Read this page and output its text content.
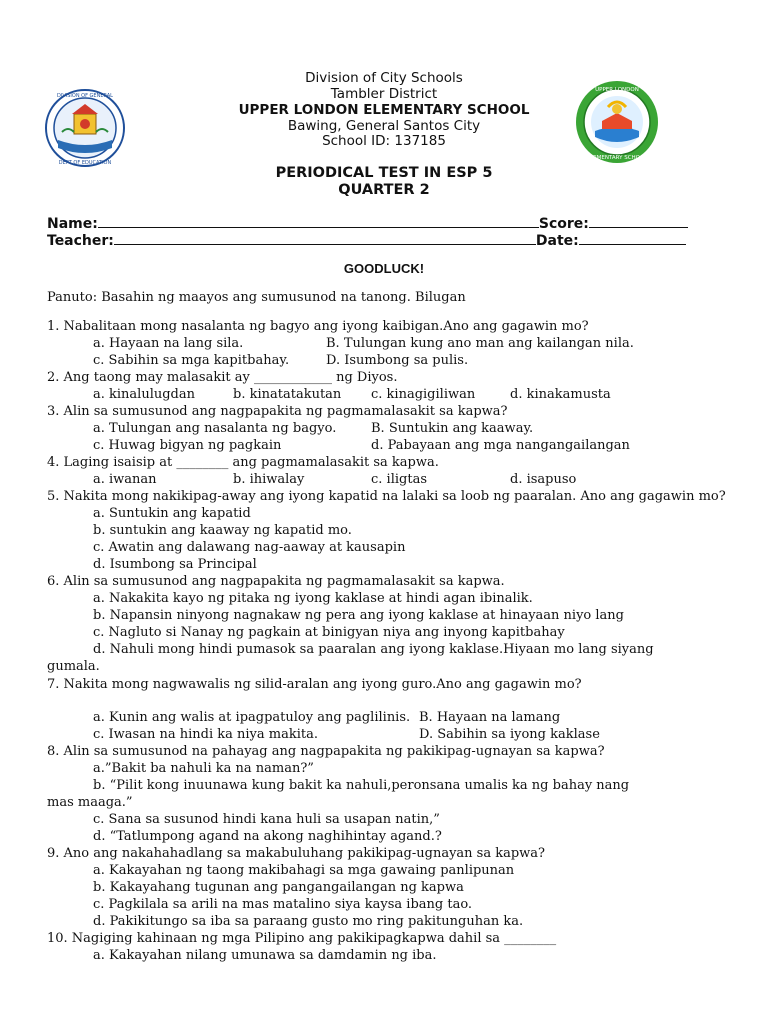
DIVISION OF GENERAL
DEPT OF EDUCATION
UPPER LONDON
ELEMENTARY SCHOOL
Division of City Schools
Tambler District
UPPER LONDON ELEMENTARY SCHOOL
Bawing, General Santos City
School ID: 137185
PERIODICAL TEST IN ESP 5
QUARTER 2
Name:	Score:
Teacher:	Date:
GOODLUCK!
Panuto: Basahin ng maayos ang sumusunod na tanong. Bilugan
1. Nabalitaan mong nasalanta ng bagyo ang iyong kaibigan.Ano ang gagawin mo?
a. Hayaan na lang sila.	B. Tulungan kung ano man ang kailangan nila.
c. Sabihin sa mga kapitbahay.	D. Isumbong sa pulis.
2. Ang taong may malasakit ay ____________ ng Diyos.
a. kinalulugdan	b. kinatatakutan c. kinagigiliwan	d. kinakamusta
3. Alin sa sumusunod ang nagpapakita ng pagmamalasakit sa kapwa?
a. Tulungan ang nasalanta ng bagyo.	B. Suntukin ang kaaway.
c. Huwag bigyan ng pagkain	d. Pabayaan ang mga nangangailangan
4. Laging isaisip at ________ ang pagmamalasakit sa kapwa.
a. iwanan	b. ihiwalay	c. iligtas	d. isapuso
5. Nakita mong nakikipag-away ang iyong kapatid na lalaki sa loob ng paaralan. Ano ang gagawin mo?
a. Suntukin ang kapatid
b. suntukin ang kaaway ng kapatid mo.
c. Awatin ang dalawang nag-aaway at kausapin
d. Isumbong sa Principal
6. Alin sa sumusunod ang nagpapakita ng pagmamalasakit sa kapwa.
a. Nakakita kayo ng pitaka ng iyong kaklase at hindi agan ibinalik.
b. Napansin ninyong nagnakaw ng pera ang iyong kaklase at hinayaan niyo lang
c. Nagluto si Nanay ng pagkain at binigyan niya ang inyong kapitbahay
d. Nahuli mong hindi pumasok sa paaralan ang iyong kaklase.Hiyaan mo lang siyang
gumala.
7. Nakita mong nagwawalis ng silid-aralan ang iyong guro.Ano ang gagawin mo?
a. Kunin ang walis at ipagpatuloy ang paglilinis. B. Hayaan na lamang
c. Iwasan na hindi ka niya makita.	D. Sabihin sa iyong kaklase
8. Alin sa sumusunod na pahayag ang nagpapakita ng pakikipag-ugnayan sa kapwa?
a.”Bakit ba nahuli ka na naman?”
b. “Pilit kong inuunawa kung bakit ka nahuli,peronsana umalis ka ng bahay nang
mas maaga.”
c. Sana sa susunod hindi kana huli sa usapan natin,”
d. “Tatlumpong agand na akong naghihintay agand.?
9. Ano ang nakahahadlang sa makabuluhang pakikipag-ugnayan sa kapwa?
a. Kakayahan ng taong makibahagi sa mga gawaing panlipunan
b. Kakayahang tugunan ang pangangailangan ng kapwa
c. Pagkilala sa arili na mas matalino siya kaysa ibang tao.
d. Pakikitungo sa iba sa paraang gusto mo ring pakitunguhan ka.
10. Nagiging kahinaan ng mga Pilipino ang pakikipagkapwa dahil sa ________
a. Kakayahan nilang umunawa sa damdamin ng iba.
